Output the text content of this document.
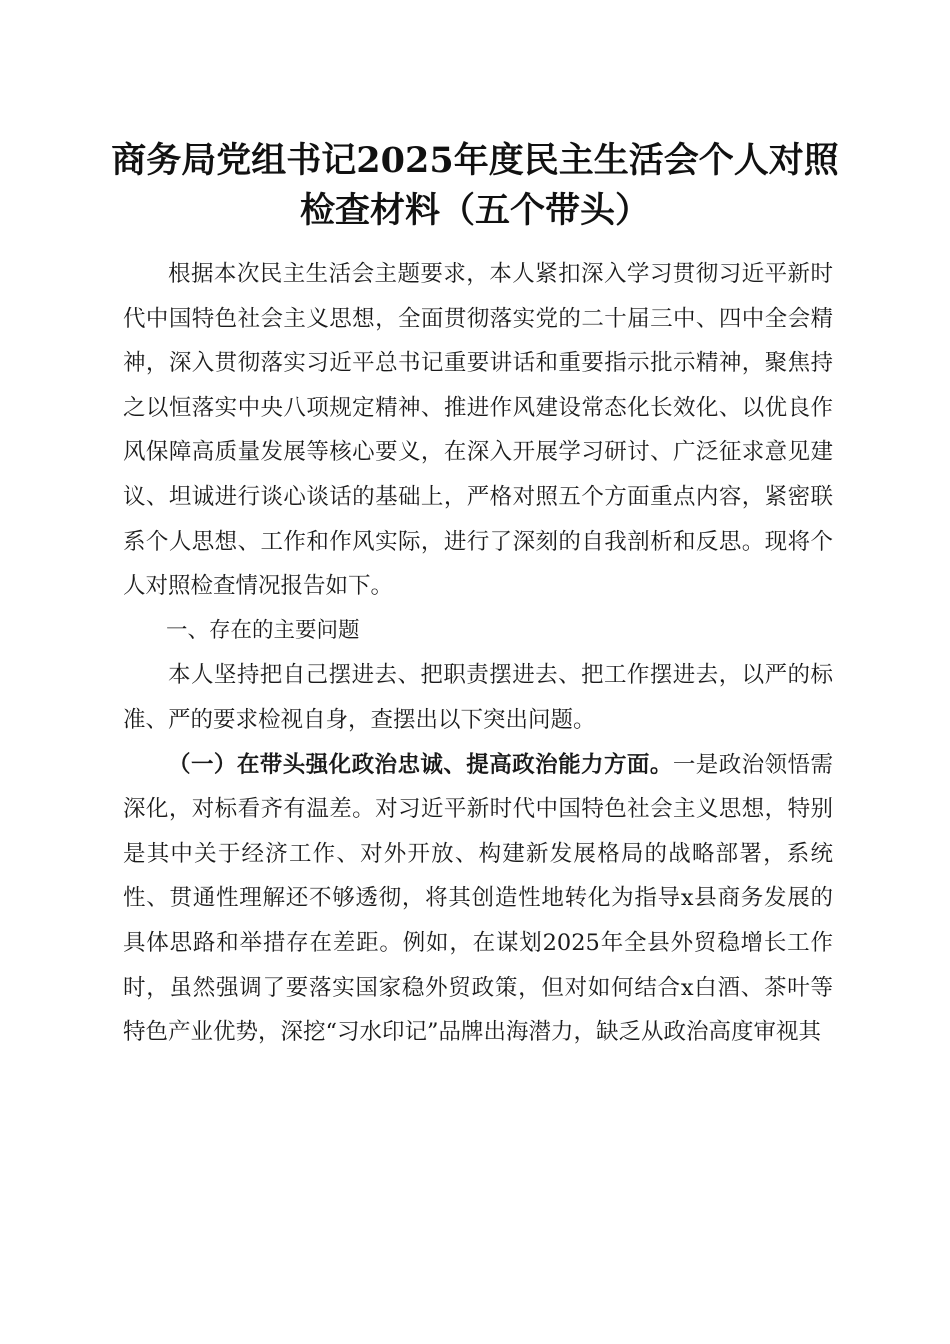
商务局党组书记2025年度民主生活会个人对照检查材料（五个带头）

根据本次民主生活会主题要求，本人紧扣深入学习贯彻习近平新时代中国特色社会主义思想，全面贯彻落实党的二十届三中、四中全会精神，深入贯彻落实习近平总书记重要讲话和重要指示批示精神，聚焦持之以恒落实中央八项规定精神、推进作风建设常态化长效化、以优良作风保障高质量发展等核心要义，在深入开展学习研讨、广泛征求意见建议、坦诚进行谈心谈话的基础上，严格对照五个方面重点内容，紧密联系个人思想、工作和作风实际，进行了深刻的自我剖析和反思。现将个人对照检查情况报告如下。

一、存在的主要问题

本人坚持把自己摆进去、把职责摆进去、把工作摆进去，以严的标准、严的要求检视自身，查摆出以下突出问题。

（一）在带头强化政治忠诚、提高政治能力方面。一是政治领悟需深化，对标看齐有温差。对习近平新时代中国特色社会主义思想，特别是其中关于经济工作、对外开放、构建新发展格局的战略部署，系统性、贯通性理解还不够透彻，将其创造性地转化为指导x县商务发展的具体思路和举措存在差距。例如，在谋划2025年全县外贸稳增长工作时，虽然强调了要落实国家稳外贸政策，但对如何结合x白酒、茶叶等特色产业优势，深挖“习水印记”品牌出海潜力，缺乏从政治高度审视其
